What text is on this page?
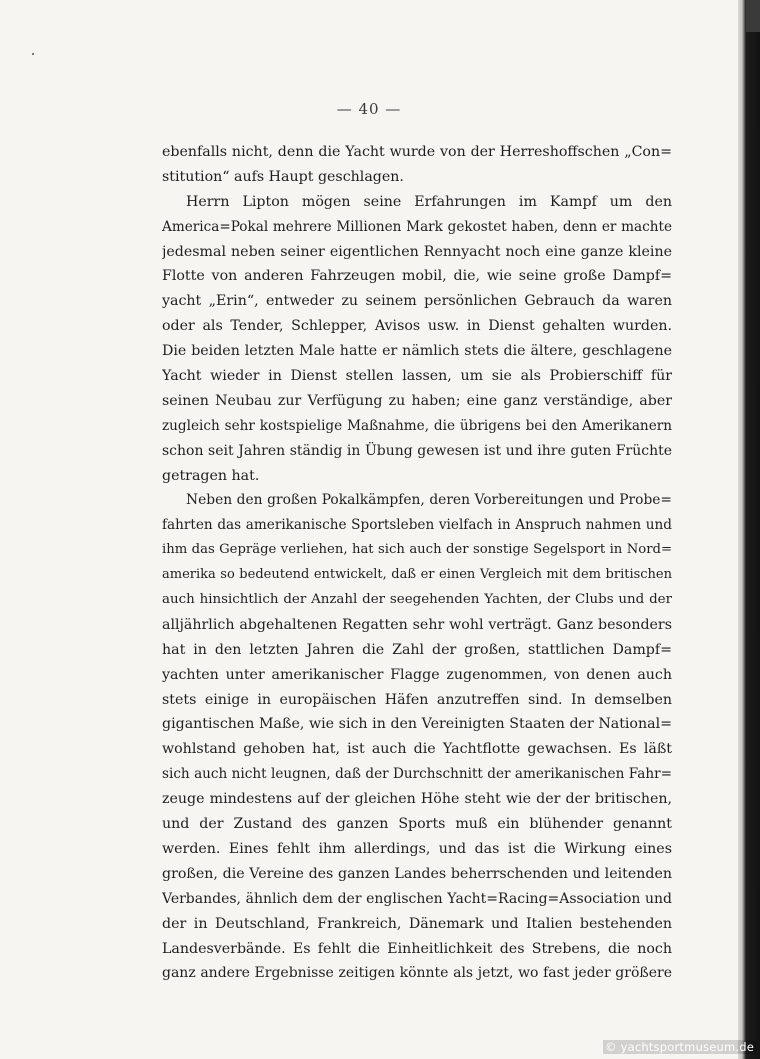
— 40 —

ebenfalls nicht, denn die Yacht wurde von der Herreshoffschen „Con=
stitution“ aufs Haupt geschlagen.
Herrn Lipton mögen seine Erfahrungen im Kampf um den
America=Pokal mehrere Millionen Mark gekostet haben, denn er machte
jedesmal neben seiner eigentlichen Rennyacht noch eine ganze kleine
Flotte von anderen Fahrzeugen mobil, die, wie seine große Dampf=
yacht „Erin“, entweder zu seinem persönlichen Gebrauch da waren
oder als Tender, Schlepper, Avisos usw. in Dienst gehalten wurden.
Die beiden letzten Male hatte er nämlich stets die ältere, geschlagene
Yacht wieder in Dienst stellen lassen, um sie als Probierschiff für
seinen Neubau zur Verfügung zu haben; eine ganz verständige, aber
zugleich sehr kostspielige Maßnahme, die übrigens bei den Amerikanern
schon seit Jahren ständig in Übung gewesen ist und ihre guten Früchte
getragen hat.
Neben den großen Pokalkämpfen, deren Vorbereitungen und Probe=
fahrten das amerikanische Sportsleben vielfach in Anspruch nahmen und
ihm das Gepräge verliehen, hat sich auch der sonstige Segelsport in Nord=
amerika so bedeutend entwickelt, daß er einen Vergleich mit dem britischen
auch hinsichtlich der Anzahl der seegehenden Yachten, der Clubs und der
alljährlich abgehaltenen Regatten sehr wohl verträgt. Ganz besonders
hat in den letzten Jahren die Zahl der großen, stattlichen Dampf=
yachten unter amerikanischer Flagge zugenommen, von denen auch
stets einige in europäischen Häfen anzutreffen sind. In demselben
gigantischen Maße, wie sich in den Vereinigten Staaten der National=
wohlstand gehoben hat, ist auch die Yachtflotte gewachsen. Es läßt
sich auch nicht leugnen, daß der Durchschnitt der amerikanischen Fahr=
zeuge mindestens auf der gleichen Höhe steht wie der der britischen,
und der Zustand des ganzen Sports muß ein blühender genannt
werden. Eines fehlt ihm allerdings, und das ist die Wirkung eines
großen, die Vereine des ganzen Landes beherrschenden und leitenden
Verbandes, ähnlich dem der englischen Yacht=Racing=Association und
der in Deutschland, Frankreich, Dänemark und Italien bestehenden
Landesverbände. Es fehlt die Einheitlichkeit des Strebens, die noch
ganz andere Ergebnisse zeitigen könnte als jetzt, wo fast jeder größere
© yachtsportmuseum.de
